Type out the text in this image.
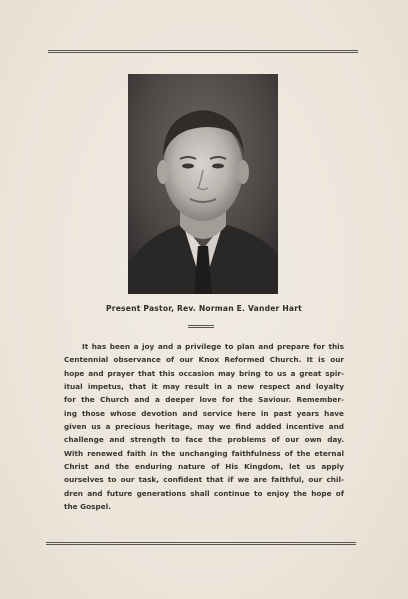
Present Pastor, Rev. Norman E. Vander Hart
It has been a joy and a privilege to plan and prepare for this
Centennial observance of our Knox Reformed Church. It is our
hope and prayer that this occasion may bring to us a great spir-
itual impetus, that it may result in a new respect and loyalty
for the Church and a deeper love for the Saviour. Remember-
ing those whose devotion and service here in past years have
given us a precious heritage, may we find added incentive and
challenge and strength to face the problems of our own day.
With renewed faith in the unchanging faithfulness of the eternal
Christ and the enduring nature of His Kingdom, let us apply
ourselves to our task, confident that if we are faithful, our chil-
dren and future generations shall continue to enjoy the hope of
the Gospel.
